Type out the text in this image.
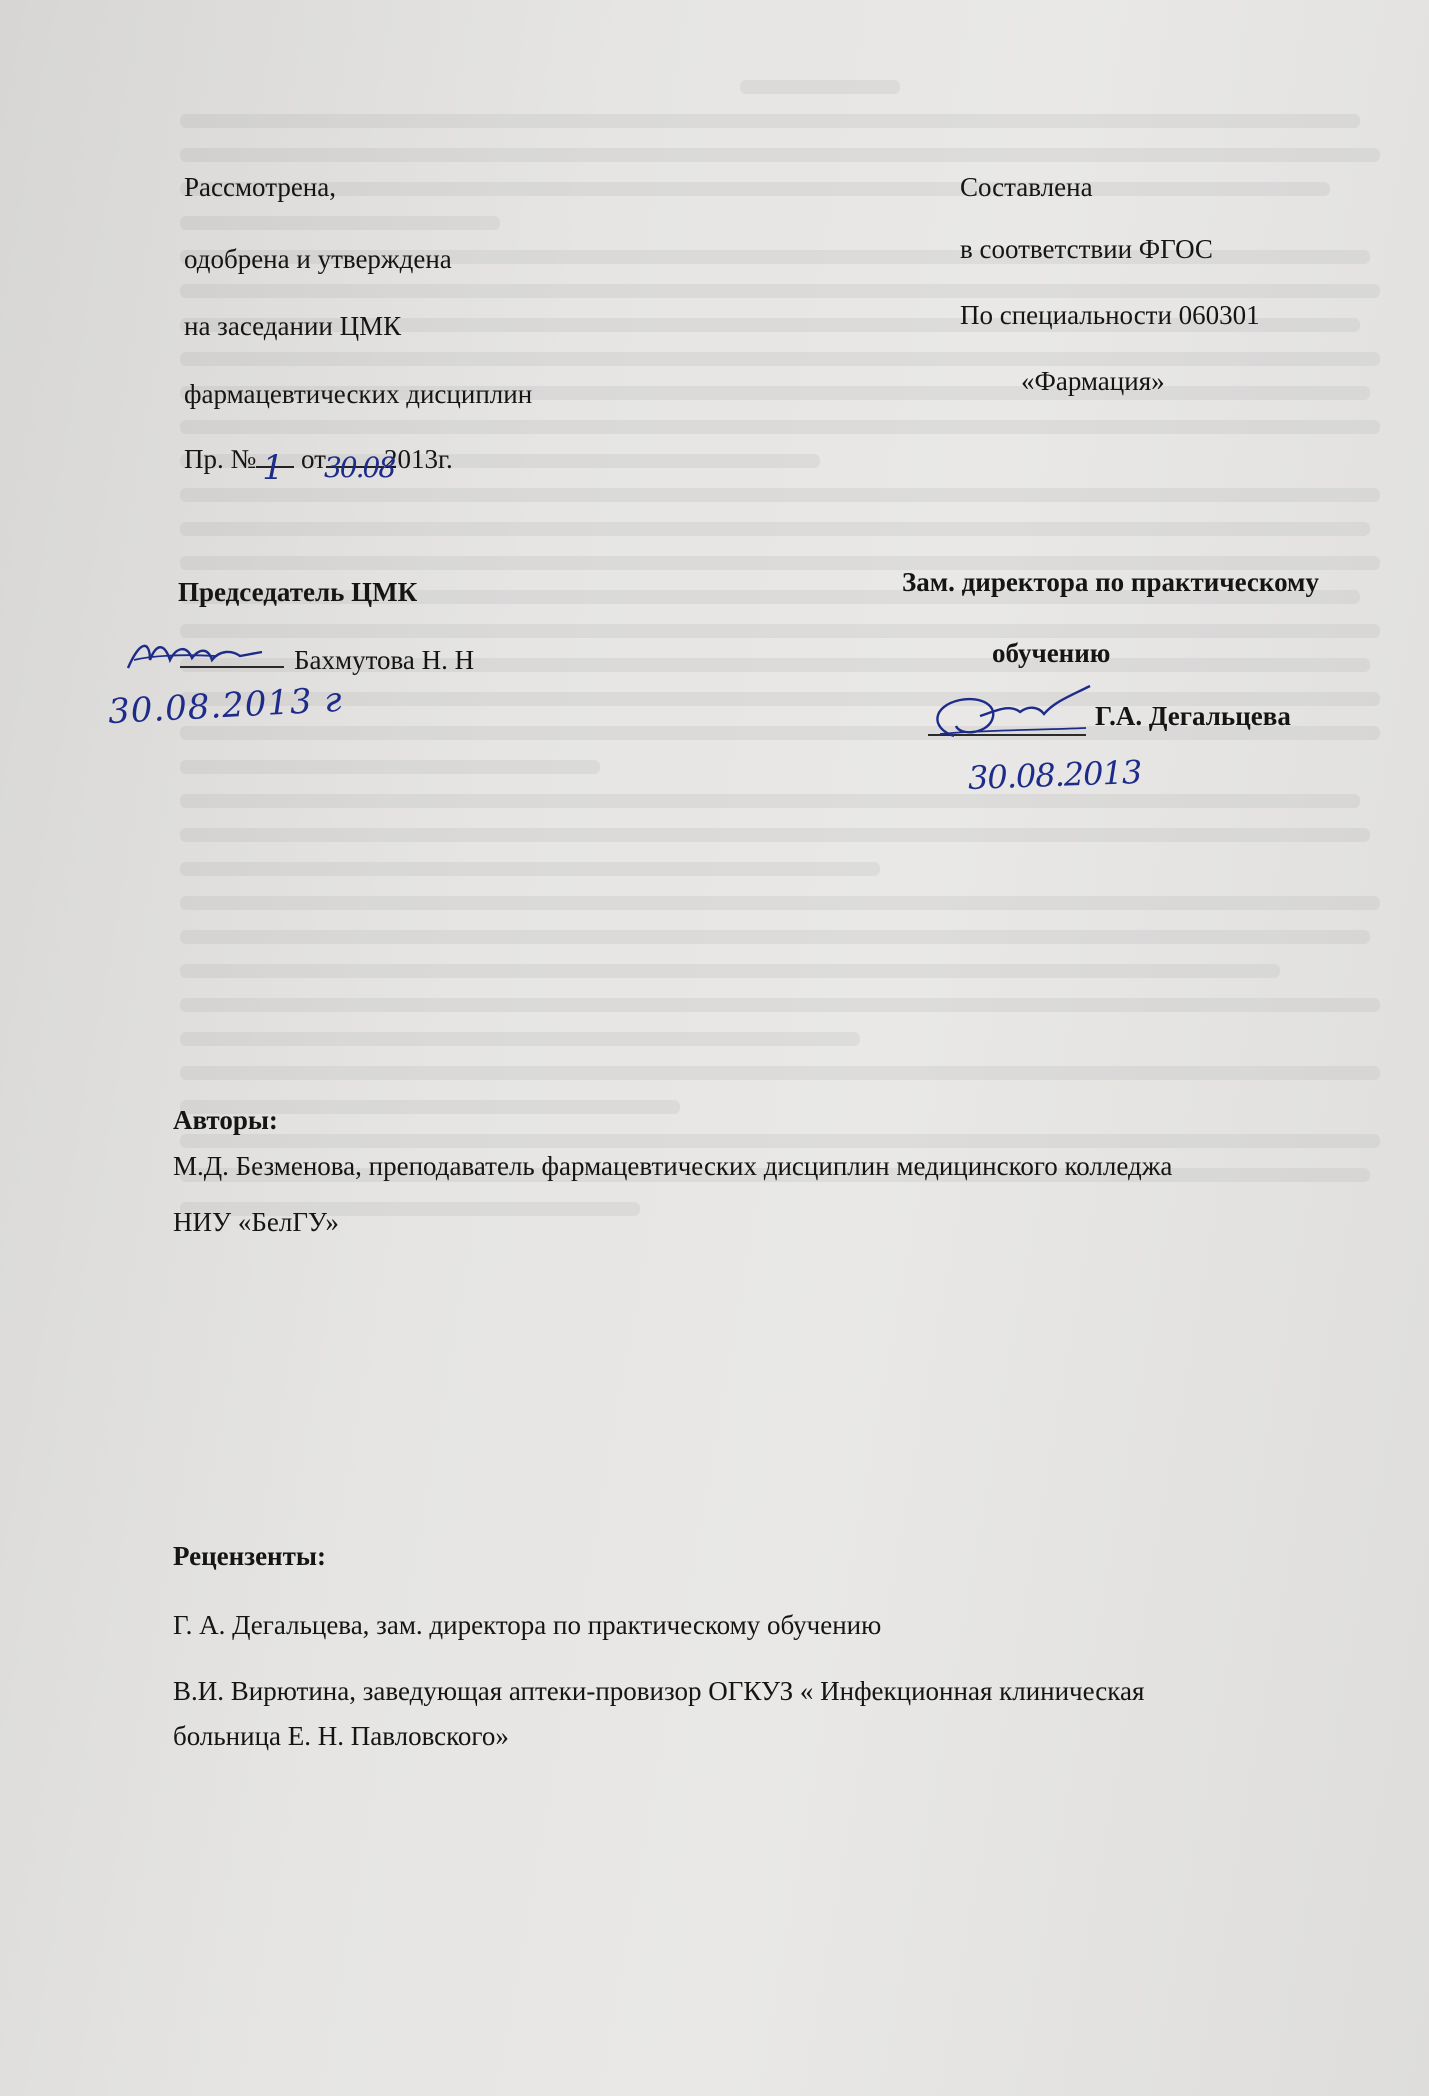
Рассмотрена,
одобрена и утверждена
на заседании ЦМК
фармацевтических дисциплин
Пр. № 1 от
30.08
2013г.
Составлена
в соответствии ФГОС
По специальности 060301
«Фармация»
Председатель ЦМК
Бахмутова Н. Н
30.08.2013 г
Зам. директора по практическому
обучению
Г.А. Дегальцева
30.08.2013
Авторы:
М.Д. Безменова, преподаватель фармацевтических дисциплин медицинского колледжа
НИУ «БелГУ»
Рецензенты:
Г. А. Дегальцева, зам. директора по практическому обучению
В.И. Вирютина, заведующая аптеки-провизор ОГКУЗ « Инфекционная клиническая
больница Е. Н. Павловского»
